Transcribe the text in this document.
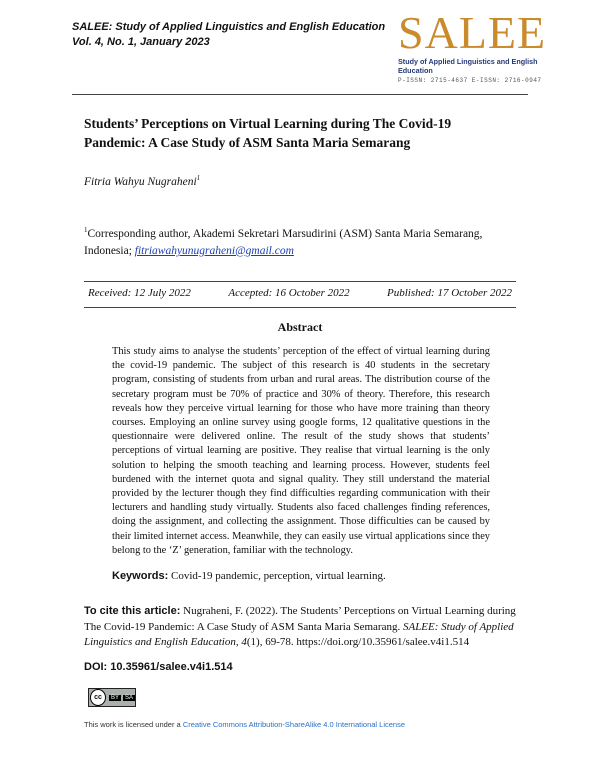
SALEE: Study of Applied Linguistics and English Education
Vol. 4, No. 1, January 2023	SALEE
Study of Applied Linguistics and English Education
P-ISSN: 2715-4637 E-ISSN: 2716-0947
Students’ Perceptions on Virtual Learning during The Covid-19 Pandemic: A Case Study of ASM Santa Maria Semarang
Fitria Wahyu Nugraheni$^1$
$^1$Corresponding author, Akademi Sekretari Marsudirini (ASM) Santa Maria Semarang, Indonesia; fitriawahyunugraheni@gmail.com
Received: 12 July 2022	Accepted: 16 October 2022	Published: 17 October 2022
Abstract
This study aims to analyse the students’ perception of the effect of virtual learning during the covid-19 pandemic. The subject of this research is 40 students in the secretary program, consisting of students from urban and rural areas. The distribution course of the secretary program must be 70% of practice and 30% of theory. Therefore, this research reveals how they perceive virtual learning for those who have more training than theory courses. Employing an online survey using google forms, 12 qualitative questions in the questionnaire were delivered online. The result of the study shows that students’ perceptions of virtual learning are positive. They realise that virtual learning is the only solution to helping the smooth teaching and learning process. However, students feel burdened with the internet quota and signal quality. They still understand the material provided by the lecturer though they find difficulties regarding communication with their lecturers and handling study virtually. Students also faced challenges finding references, doing the assignment, and collecting the assignment. Those difficulties can be caused by their limited internet access. Meanwhile, they can easily use virtual applications since they belong to the ‘Z’ generation, familiar with the technology.
Keywords: Covid-19 pandemic, perception, virtual learning.
To cite this article: Nugraheni, F. (2022). The Students’ Perceptions on Virtual Learning during The Covid-19 Pandemic: A Case Study of ASM Santa Maria Semarang. SALEE: Study of Applied Linguistics and English Education, 4(1), 69-78. https://doi.org/10.35961/salee.v4i1.514
DOI: 10.35961/salee.v4i1.514
cc	BY	SA
This work is licensed under a Creative Commons Attribution-ShareAlike 4.0 International License
